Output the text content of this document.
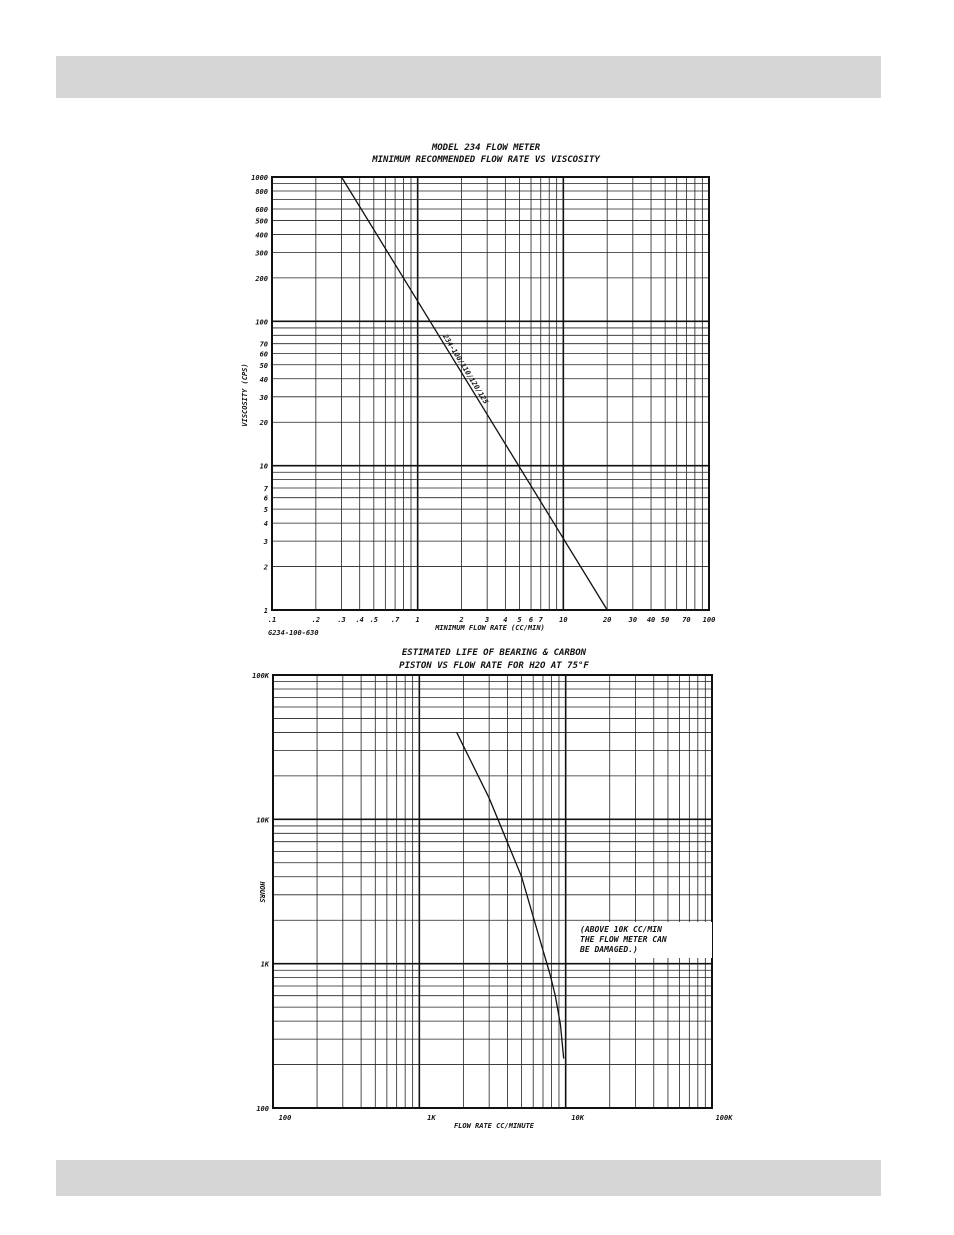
MODEL 234 FLOW METER
MINIMUM RECOMMENDED FLOW RATE VS VISCOSITY
.1	.2 .3 .4 .5 .7 1	2	3 4 5 6 7 10	20 30 40 50 70 100
1
2
3
4
5
6
7
10
20
30
40
50
60
70
100
200
300
400
500
600
800
1000
234-100/110/120/125
MINIMUM FLOW RATE (CC/MIN)
VISCOSITY (CPS)
G234-100-630
ESTIMATED LIFE OF BEARING & CARBON
PISTON VS FLOW RATE FOR H2O AT 75°F
100	1K	10K	100K
100
1K
10K
100K
(ABOVE 10K CC/MIN
THE FLOW METER CAN
BE DAMAGED.)
FLOW RATE CC/MINUTE
HOURS
